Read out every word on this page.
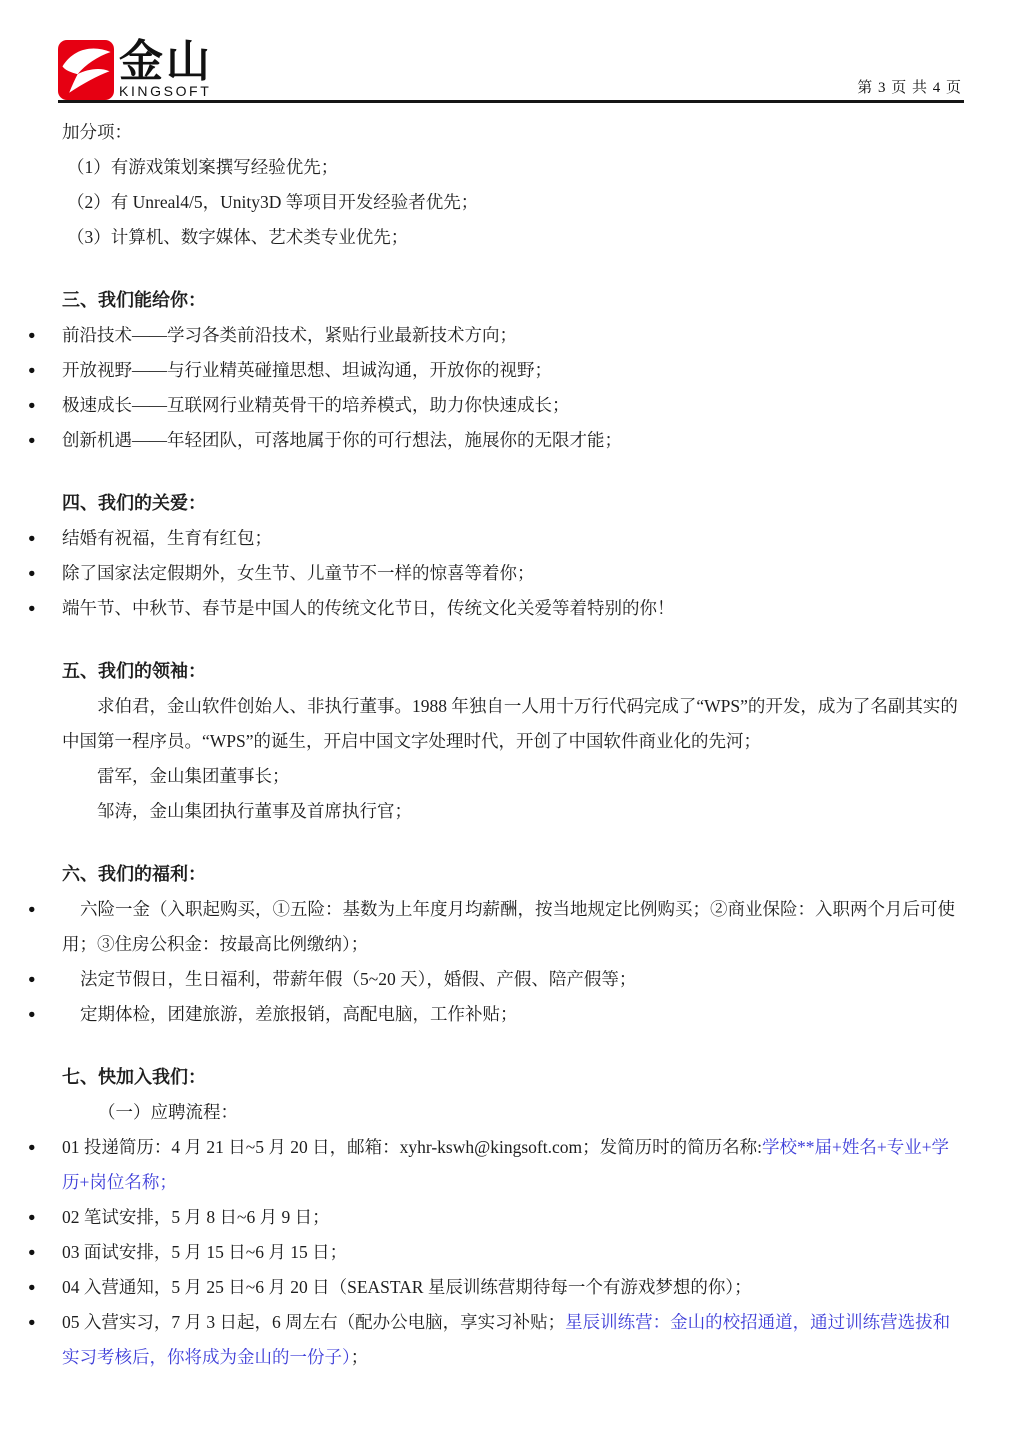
金山
KINGSOFT	第 3 页 共 4 页
加分项：
（1）有游戏策划案撰写经验优先；
（2）有 Unreal4/5，Unity3D 等项目开发经验者优先；
（3）计算机、数字媒体、艺术类专业优先；
三、我们能给你：
●	前沿技术——学习各类前沿技术，紧贴行业最新技术方向；
●	开放视野——与行业精英碰撞思想、坦诚沟通，开放你的视野；
●	极速成长——互联网行业精英骨干的培养模式，助力你快速成长；
●	创新机遇——年轻团队，可落地属于你的可行想法，施展你的无限才能；
四、我们的关爱：
●	结婚有祝福，生育有红包；
●	除了国家法定假期外，女生节、儿童节不一样的惊喜等着你；
●	端午节、中秋节、春节是中国人的传统文化节日，传统文化关爱等着特别的你！
五、我们的领袖：
求伯君，金山软件创始人、非执行董事。1988 年独自一人用十万行代码完成了“WPS”的开发，成为了名副其实的中国第一程序员。“WPS”的诞生，开启中国文字处理时代，开创了中国软件商业化的先河；
雷军，金山集团董事长；
邹涛，金山集团执行董事及首席执行官；
六、我们的福利：
●	六险一金（入职起购买，①五险：基数为上年度月均薪酬，按当地规定比例购买；②商业保险：入职两个月后可使用；③住房公积金：按最高比例缴纳）；
●	法定节假日，生日福利，带薪年假（5~20 天），婚假、产假、陪产假等；
●	定期体检，团建旅游，差旅报销，高配电脑，工作补贴；
七、快加入我们：
（一）应聘流程：
●	01 投递简历：4 月 21 日~5 月 20 日，邮箱：xyhr-kswh@kingsoft.com；发简历时的简历名称:学校**届+姓名+专业+学历+岗位名称；
●	02 笔试安排，5 月 8 日~6 月 9 日；
●	03 面试安排，5 月 15 日~6 月 15 日；
●	04 入营通知，5 月 25 日~6 月 20 日（SEASTAR 星辰训练营期待每一个有游戏梦想的你）；
●	05 入营实习，7 月 3 日起，6 周左右（配办公电脑，享实习补贴；星辰训练营：金山的校招通道，通过训练营选拔和实习考核后，你将成为金山的一份子）；
